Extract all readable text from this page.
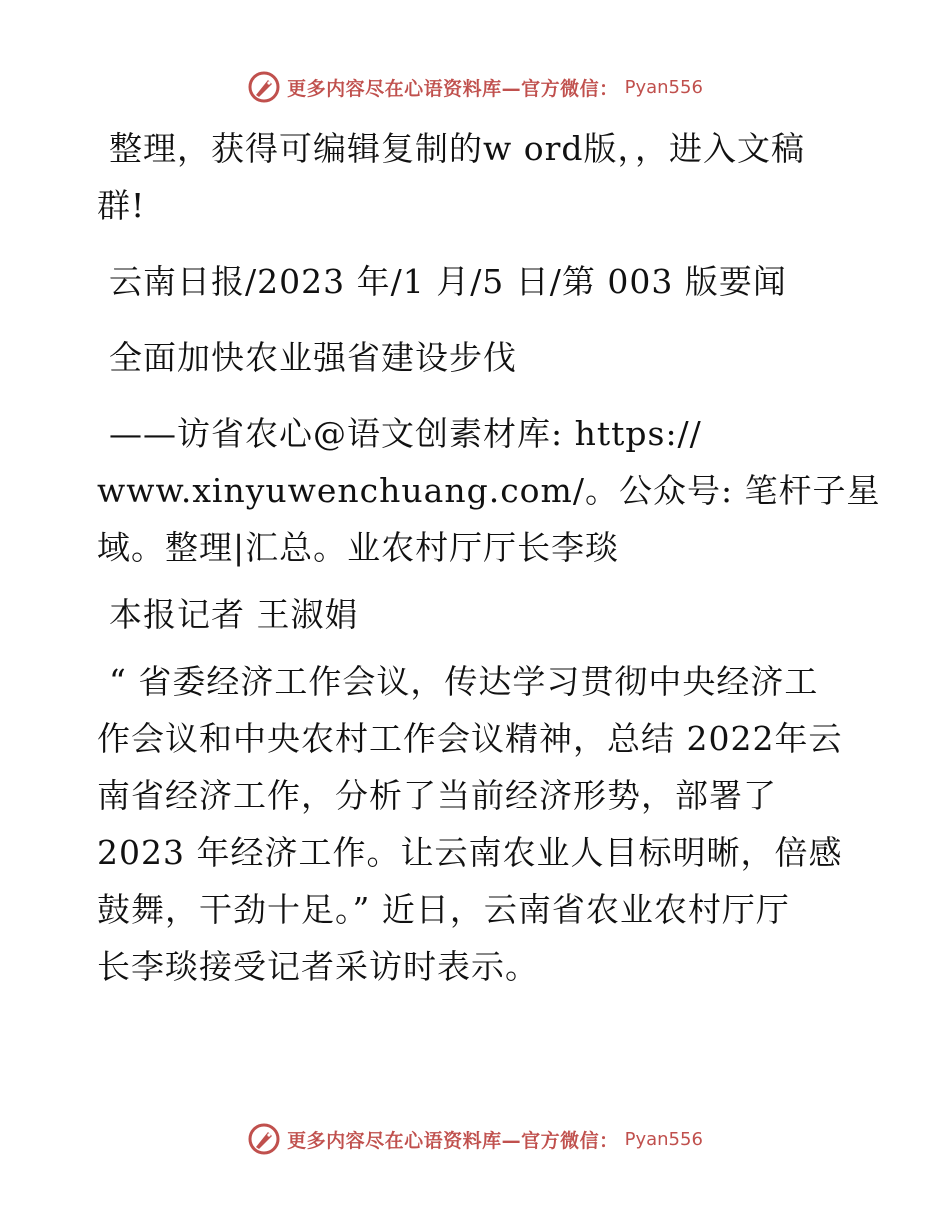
更多内容尽在心语资料库—官方微信： Pyan556
整理，获得可编辑复制的w ord版，，进入文稿
群!
云南日报/2023 年/1 月/5 日/第 003 版要闻
全面加快农业强省建设步伐
——访省农心@语文创素材库: https://
www.xinyuwenchuang.com/。公众号: 笔杆子星
域。整理|汇总。业农村厅厅长李琰
本报记者 王淑娟
“ 省委经济工作会议，传达学习贯彻中央经济工
作会议和中央农村工作会议精神，总结 2022年云
南省经济工作，分析了当前经济形势，部署了
2023 年经济工作。让云南农业人目标明晰，倍感
鼓舞，干劲十足。” 近日，云南省农业农村厅厅
长李琰接受记者采访时表示。
更多内容尽在心语资料库—官方微信： Pyan556
